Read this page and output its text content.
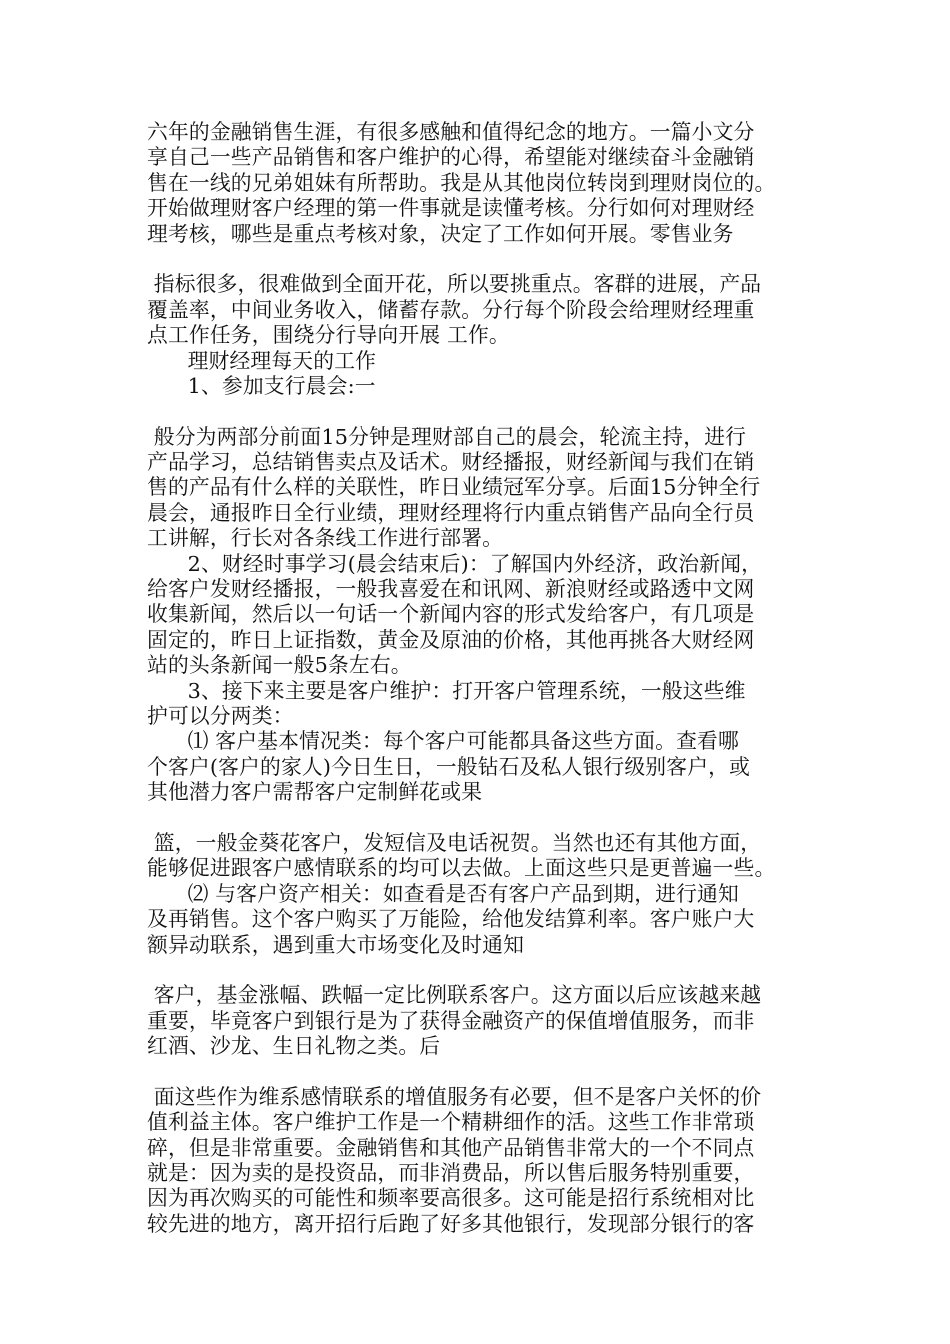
六年的金融销售生涯，有很多感触和值得纪念的地方。一篇小文分
享自己一些产品销售和客户维护的心得，希望能对继续奋斗金融销
售在一线的兄弟姐妹有所帮助。我是从其他岗位转岗到理财岗位的。
开始做理财客户经理的第一件事就是读懂考核。分行如何对理财经
理考核，哪些是重点考核对象，决定了工作如何开展。零售业务
指标很多，很难做到全面开花，所以要挑重点。客群的进展，产品
覆盖率，中间业务收入，储蓄存款。分行每个阶段会给理财经理重
点工作任务，围绕分行导向开展 工作。
理财经理每天的工作
1、参加支行晨会:一
般分为两部分前面15分钟是理财部自己的晨会，轮流主持，进行
产品学习，总结销售卖点及话术。财经播报，财经新闻与我们在销
售的产品有什么样的关联性，昨日业绩冠军分享。后面15分钟全行
晨会，通报昨日全行业绩，理财经理将行内重点销售产品向全行员
工讲解，行长对各条线工作进行部署。
2、财经时事学习(晨会结束后)：了解国内外经济，政治新闻，
给客户发财经播报，一般我喜爱在和讯网、新浪财经或路透中文网
收集新闻，然后以一句话一个新闻内容的形式发给客户，有几项是
固定的，昨日上证指数，黄金及原油的价格，其他再挑各大财经网
站的头条新闻一般5条左右。
3、接下来主要是客户维护：打开客户管理系统，一般这些维
护可以分两类：
⑴ 客户基本情况类：每个客户可能都具备这些方面。查看哪
个客户(客户的家人)今日生日，一般钻石及私人银行级别客户，或
其他潜力客户需帮客户定制鲜花或果
篮，一般金葵花客户，发短信及电话祝贺。当然也还有其他方面，
能够促进跟客户感情联系的均可以去做。上面这些只是更普遍一些。
⑵ 与客户资产相关：如查看是否有客户产品到期，进行通知
及再销售。这个客户购买了万能险，给他发结算利率。客户账户大
额异动联系，遇到重大市场变化及时通知
客户，基金涨幅、跌幅一定比例联系客户。这方面以后应该越来越
重要，毕竟客户到银行是为了获得金融资产的保值增值服务，而非
红酒、沙龙、生日礼物之类。后
面这些作为维系感情联系的增值服务有必要，但不是客户关怀的价
值利益主体。客户维护工作是一个精耕细作的活。这些工作非常琐
碎，但是非常重要。金融销售和其他产品销售非常大的一个不同点
就是：因为卖的是投资品，而非消费品，所以售后服务特别重要，
因为再次购买的可能性和频率要高很多。这可能是招行系统相对比
较先进的地方，离开招行后跑了好多其他银行，发现部分银行的客
